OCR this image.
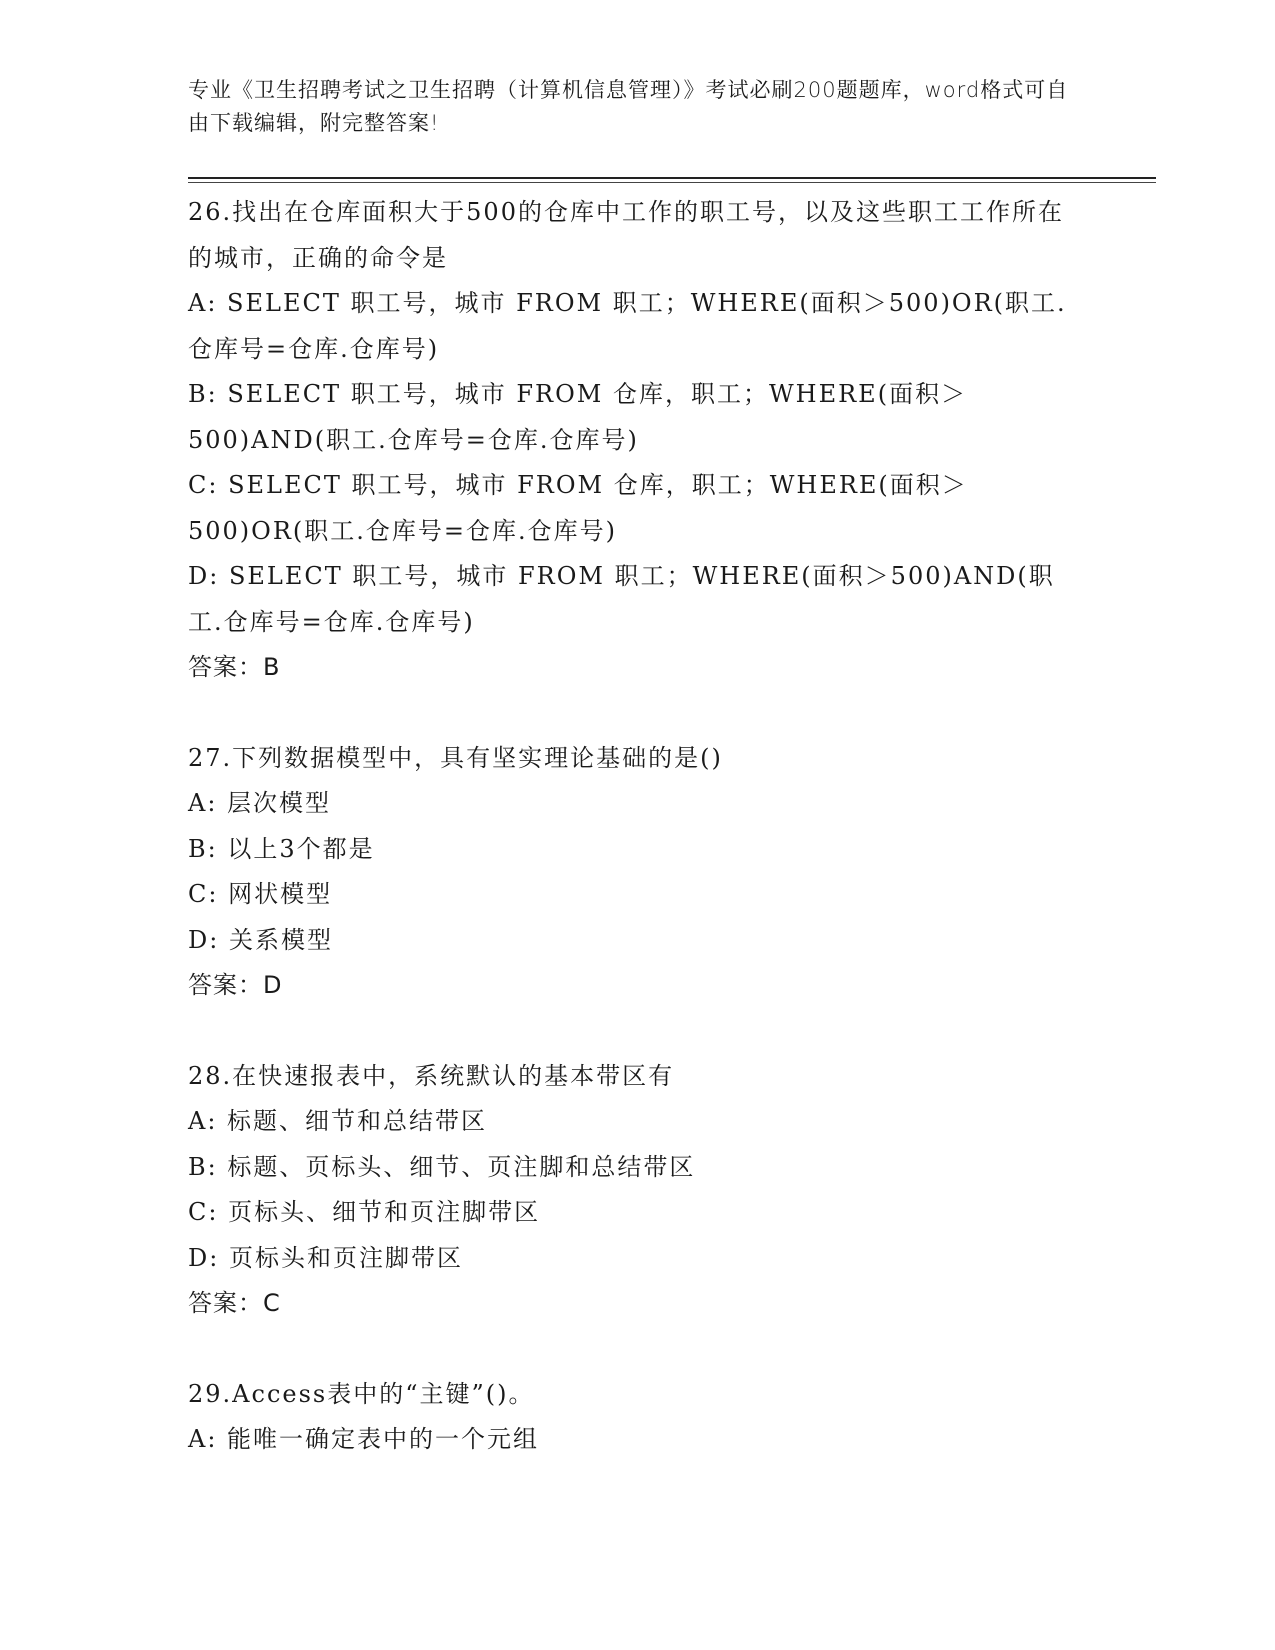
专业《卫生招聘考试之卫生招聘（计算机信息管理）》考试必刷200题题库，word格式可自由下载编辑，附完整答案!
26.找出在仓库面积大于500的仓库中工作的职工号，以及这些职工工作所在的城市，正确的命令是
A: SELECT 职工号，城市 FROM 职工；WHERE(面积＞500)OR(职工.仓库号=仓库.仓库号)
B: SELECT 职工号，城市 FROM 仓库，职工；WHERE(面积＞500)AND(职工.仓库号=仓库.仓库号)
C: SELECT 职工号，城市 FROM 仓库，职工；WHERE(面积＞500)OR(职工.仓库号=仓库.仓库号)
D: SELECT 职工号，城市 FROM 职工；WHERE(面积＞500)AND(职工.仓库号=仓库.仓库号)
答案：B
27.下列数据模型中，具有坚实理论基础的是()
A: 层次模型
B: 以上3个都是
C: 网状模型
D: 关系模型
答案：D
28.在快速报表中，系统默认的基本带区有
A: 标题、细节和总结带区
B: 标题、页标头、细节、页注脚和总结带区
C: 页标头、细节和页注脚带区
D: 页标头和页注脚带区
答案：C
29.Access表中的“主键”()。
A: 能唯一确定表中的一个元组
